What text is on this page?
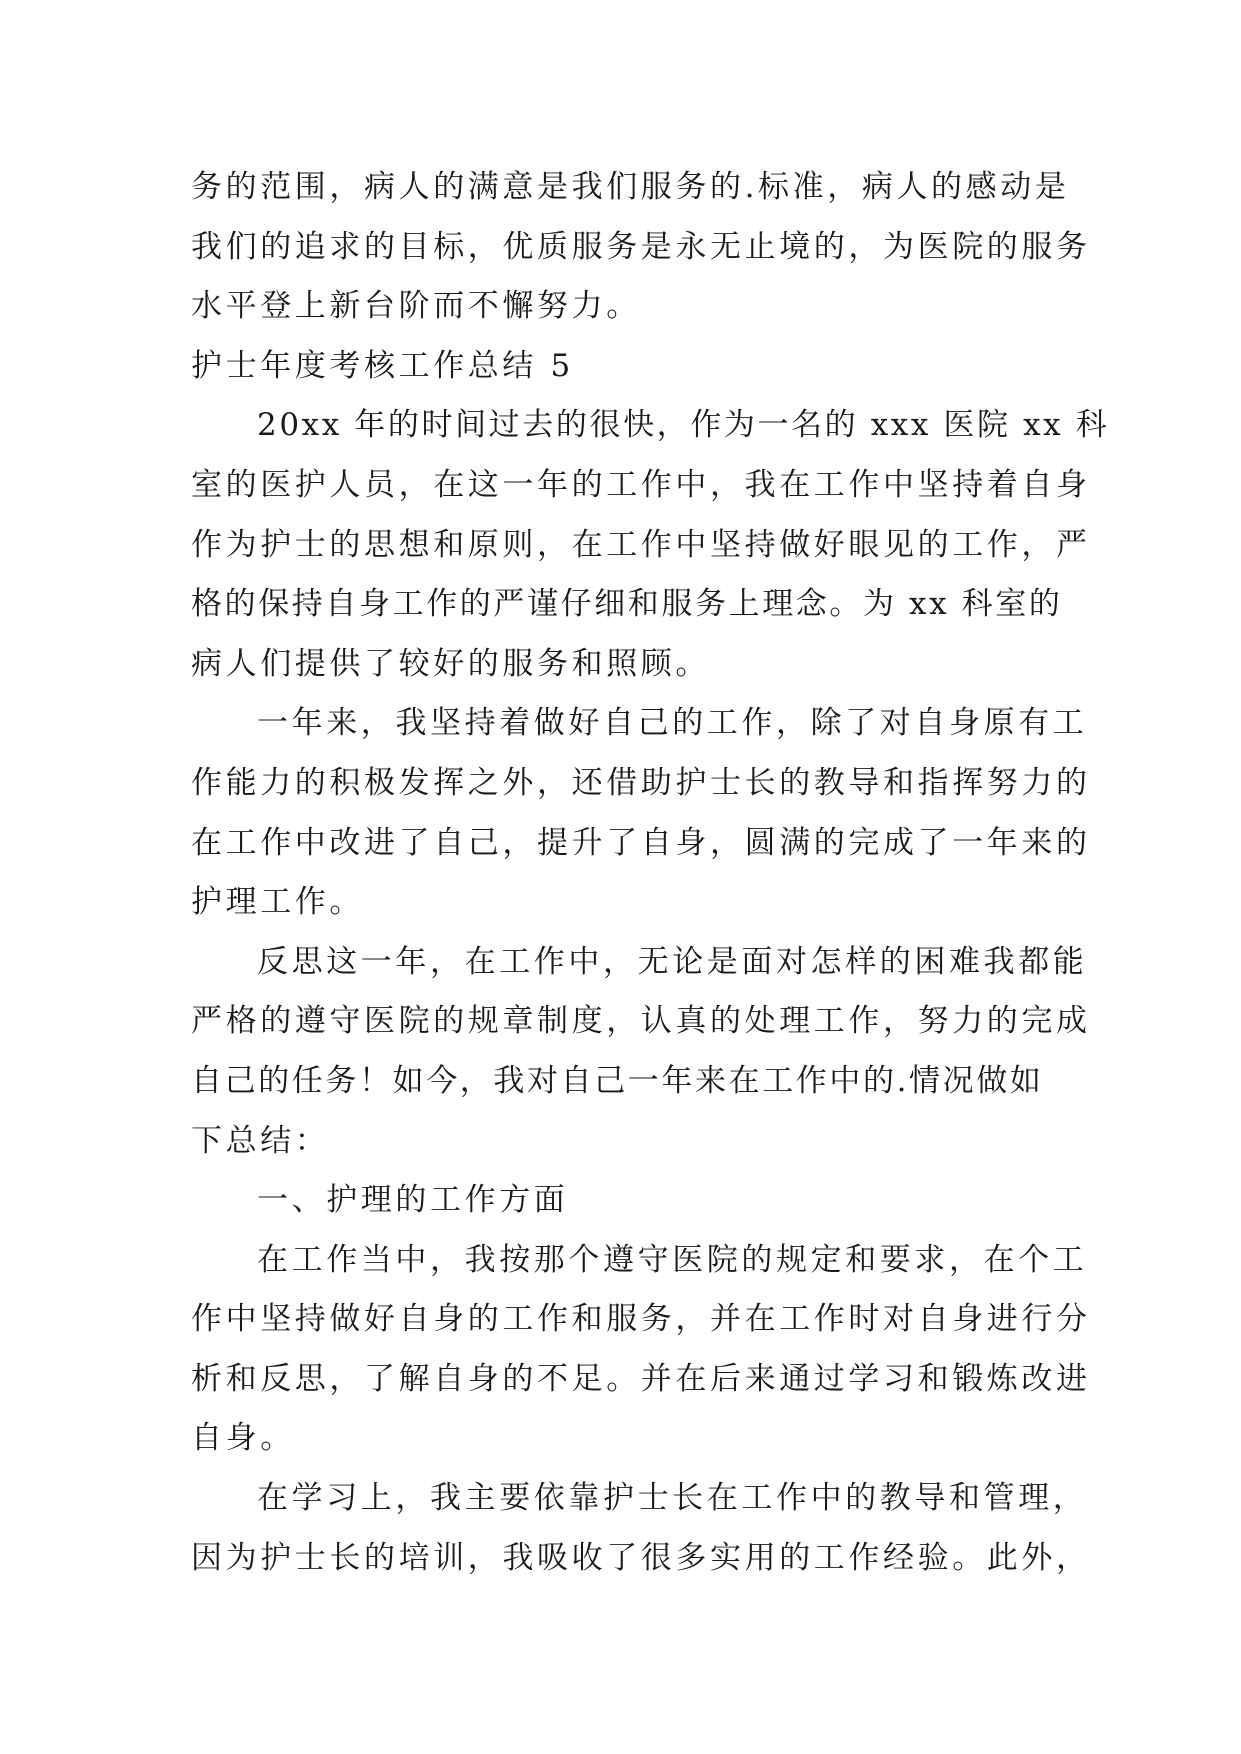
务的范围，病人的满意是我们服务的.标准，病人的感动是
我们的追求的目标，优质服务是永无止境的，为医院的服务
水平登上新台阶而不懈努力。
护士年度考核工作总结 5
20xx 年的时间过去的很快，作为一名的 xxx 医院 xx 科
室的医护人员，在这一年的工作中，我在工作中坚持着自身
作为护士的思想和原则，在工作中坚持做好眼见的工作，严
格的保持自身工作的严谨仔细和服务上理念。为 xx 科室的
病人们提供了较好的服务和照顾。
一年来，我坚持着做好自己的工作，除了对自身原有工
作能力的积极发挥之外，还借助护士长的教导和指挥努力的
在工作中改进了自己，提升了自身，圆满的完成了一年来的
护理工作。
反思这一年，在工作中，无论是面对怎样的困难我都能
严格的遵守医院的规章制度，认真的处理工作，努力的完成
自己的任务！如今，我对自己一年来在工作中的.情况做如
下总结：
一、护理的工作方面
在工作当中，我按那个遵守医院的规定和要求，在个工
作中坚持做好自身的工作和服务，并在工作时对自身进行分
析和反思，了解自身的不足。并在后来通过学习和锻炼改进
自身。
在学习上，我主要依靠护士长在工作中的教导和管理，
因为护士长的培训，我吸收了很多实用的工作经验。此外，
